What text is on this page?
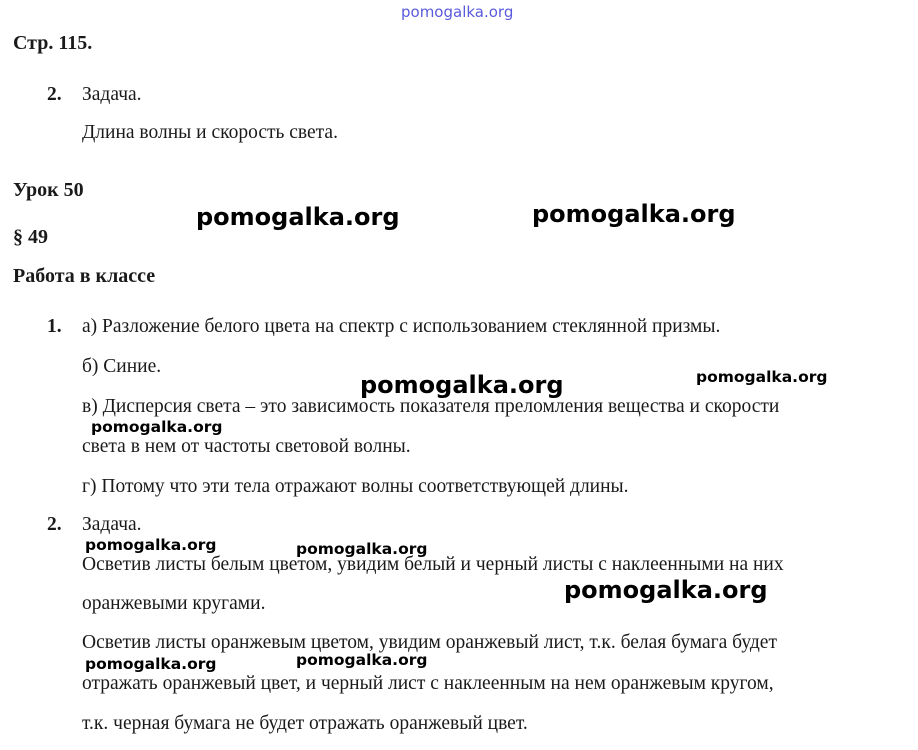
pomogalka.org
Стр. 115.
2. Задача.
Длина волны и скорость света.
Урок 50
§ 49
Работа в классе
1. а) Разложение белого цвета на спектр с использованием стеклянной призмы.
б) Синие.
в) Дисперсия света – это зависимость показателя преломления вещества и скорости
света в нем от частоты световой волны.
г) Потому что эти тела отражают волны соответствующей длины.
2. Задача.
Осветив листы белым цветом, увидим белый и черный листы с наклеенными на них
оранжевыми кругами.
Осветив листы оранжевым цветом, увидим оранжевый лист, т.к. белая бумага будет
отражать оранжевый цвет, и черный лист с наклеенным на нем оранжевым кругом,
т.к. черная бумага не будет отражать оранжевый цвет.
pomogalka.org	pomogalka.org
pomogalka.org	pomogalka.org
pomogalka.org
pomogalka.org	pomogalka.org
pomogalka.org
pomogalka.org	pomogalka.org
